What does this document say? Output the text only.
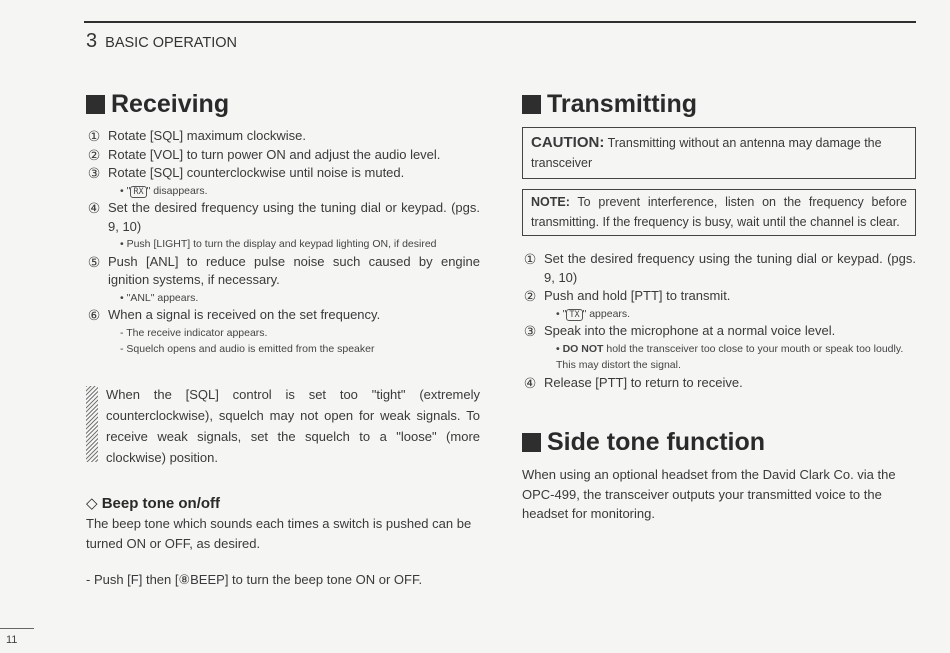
3 BASIC OPERATION
Receiving
① Rotate [SQL] maximum clockwise.
② Rotate [VOL] to turn power ON and adjust the audio level.
③ Rotate [SQL] counterclockwise until noise is muted.
• " RX " disappears.
④ Set the desired frequency using the tuning dial or keypad. (pgs. 9, 10)
• Push [LIGHT] to turn the display and keypad lighting ON, if desired
⑤ Push [ANL] to reduce pulse noise such caused by engine ignition systems, if necessary.
• "ANL" appears.
⑥ When a signal is received on the set frequency.
- The receive indicator appears.
- Squelch opens and audio is emitted from the speaker
When the [SQL] control is set too "tight" (extremely counterclockwise), squelch may not open for weak signals. To receive weak signals, set the squelch to a "loose" (more clockwise) position.
◇ Beep tone on/off
The beep tone which sounds each times a switch is pushed can be turned ON or OFF, as desired.
- Push [F] then [⑧BEEP] to turn the beep tone ON or OFF.
Transmitting
CAUTION: Transmitting without an antenna may damage the transceiver
NOTE: To prevent interference, listen on the frequency before transmitting. If the frequency is busy, wait until the channel is clear.
① Set the desired frequency using the tuning dial or keypad. (pgs. 9, 10)
② Push and hold [PTT] to transmit.
• " TX " appears.
③ Speak into the microphone at a normal voice level.
• DO NOT hold the transceiver too close to your mouth or speak too loudly. This may distort the signal.
④ Release [PTT] to return to receive.
Side tone function
When using an optional headset from the David Clark Co. via the OPC-499, the transceiver outputs your transmitted voice to the headset for monitoring.
11
